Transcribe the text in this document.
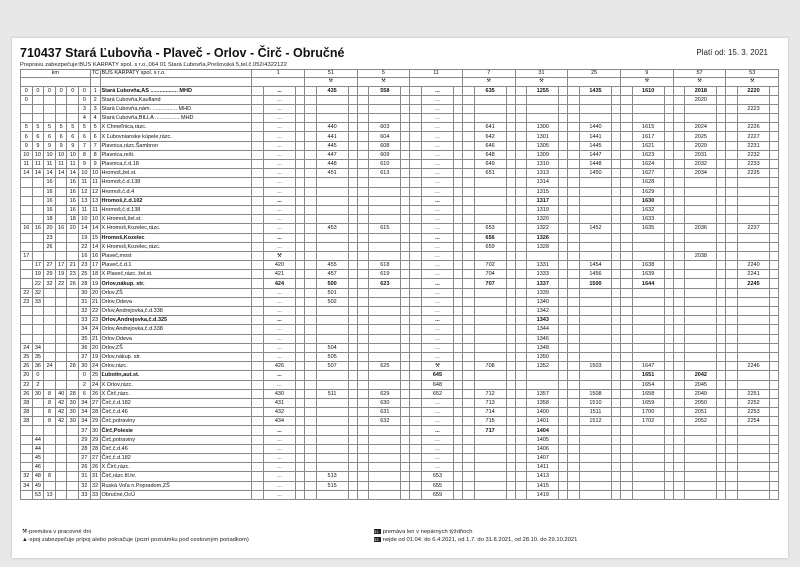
710437 Stará Ľubovňa - Plaveč - Orlov - Čirč - Obručné	Platí od: 15. 3. 2021
Prepravu zabezpečuje:BUS KARPATY spol. s r.o.,064 01 Stará Ľubovňa,Prešovská 5,tel.č.052/4322122
km						TČ	BUS KARPATY spol. s r.o.	1			51			5			11			7			31			25			9			57			53		
											⚒			⚒						⚒			⚒						⚒			⚒			⚒		
0	0	0	0	0	0	1	Stará Ľubovňa,AS .................. MHD		...			435			558			...			635			1255			1435			1610			2018			2220	
0					0	2	Stará Ľubovňa,Kaufland		...									...															2020				
					3	3	Stará Ľubovňa,nám. ................ MHD		...									...																		2223	
					4	4	Stará Ľubovňa,BILLA ................ MHD		...									...																			
5	5	5	5	5	5	5	X Chmeľnica,rázc.		...			440			603			...			641			1300			1440			1615			2024			2226	
6	6	6	6	6	6	6	X Ľubovnianske kúpele,rázc.		...			441			604			...			642			1301			1441			1617			2025			2227	
9	9	9	9	9	7	7	Plavnica,rázc.Šambron		...			445			608			...			646			1305			1445			1621			2029			2231	
10	10	10	10	10	8	8	Plavnica,rešt.		...			447			609			...			648			1309			1447			1623			2031			2232	
11	11	11	11	11	9	9	Plavnica,č.d.18		...			448			610			...			649			1310			1448			1624			2032			2233	
14	14	14	14	14	10	10	Hromoš,žel.st.		...			451			613			...			651			1313			1450			1627			2034			2235	
		16		16	11	11	Hromoš,č.d.138		...									...						1314						1628							
		16		16	12	12	Hromoš,č.d.4		...									...						1315						1629							
		16		16	13	13	Hromoš,č.d.102		...									...						1317						1630							
		16		16	11	11	Hromoš,č.d.138		...									...						1319						1632							
		18		18	10	10	X Hromoš,žel.st.		...									...						1320						1633							
16	16	20	16	20	14	14	X Hromoš,Kozelec,rázc.		...			453			615			...			653			1322			1452			1635			2036			2237	
		23			19	15	Hromoš,Kozelec		...									...			656			1326													
		26			22	14	X Hromoš,Kozelec,rázc.		...									...			659			1328													
17					16	16	Plaveč,most		⚒									...															2038				
	17	27	17	21	23	17	Plaveč,č.d.1		420			455			618			...			702			1331			1454			1638						2240	
	19	29	19	23	25	18	X Plaveč,rázc. žel.st.		421			457			619			...			704			1333			1456			1639						2241	
	22	32	22	26	28	19	Orlov,nákup. str.		424			500			623			...			707			1337			1500			1644						2245	
22	32				30	20	Orlov,ZŠ		...			501						...						1339													
23	33				31	21	Orlov,Odeva		...			502						...						1340													
					32	22	Orlov,Andrejovka,č.d.338		...									...						1342													
					33	23	Orlov,Andrejovka,č.d.325		...									...						1343													
					34	24	Orlov,Andrejovka,č.d.338		...									...						1344													
					35	21	Orlov,Odeva		...									...						1346													
24	34				36	20	Orlov,ZŠ		...			504						...						1348													
25	35				37	19	Orlov,nákup. str.		...			505						...						1350													
26	36	24		28	30	24	Orlov,rázc.		426			507			625			⚒			708			1352			1503			1647						2246	
20	0				0	25	Ľubotín,aut.st.		...									645												1651			2042				
22	2				2	24	X Orlov,rázc.		...									648												1654			2045				
26	30	8	40	28	6	26	X Čirč,rázc.		430			511			629			652			712			1357			1508			1658			2049			2251	
28		8	42	30	34	27	Čirč,č.d.182		431						630			...			713			1358			1510			1659			2050			2252	
28		8	42	30	34	28	Čirč,č.d.46		432						631			...			714			1400			1511			1700			2051			2253	
28		8	42	30	34	29	Čirč,potraviny		434						632			...			715			1401			1512			1702			2052			2254	
					37	30	Čirč,Polesie		...									...			717			1404													
	44				29	29	Čirč,potraviny		...									...						1405													
	44				28	28	Čirč,č.d.46		...									...						1406													
	45				27	27	Čirč,č.d.182		...									...						1407													
	46				26	26	X Čirč,rázc.		...									...						1411													
32	48	8			31	31	Čirč,rázc.fil.hr.		...			513						653						1413													
34	49				32	32	Ruská Voľa n.Popradom,ZŠ		...			515						655						1415													
	53	13			33	33	Obručné,OcÚ		...									659						1419													
⚒-premáva v pracovné dni
▲-spoj zabezpečuje prípoj alebo pokračuje (pozri poznámku pod cestovným poriadkom)
31 premáva len v nepárnych týždňoch
33 nejde od 01.04. do 6.4.2021, od 1.7. do 31.8.2021, od 28.10. do 29.10.2021
